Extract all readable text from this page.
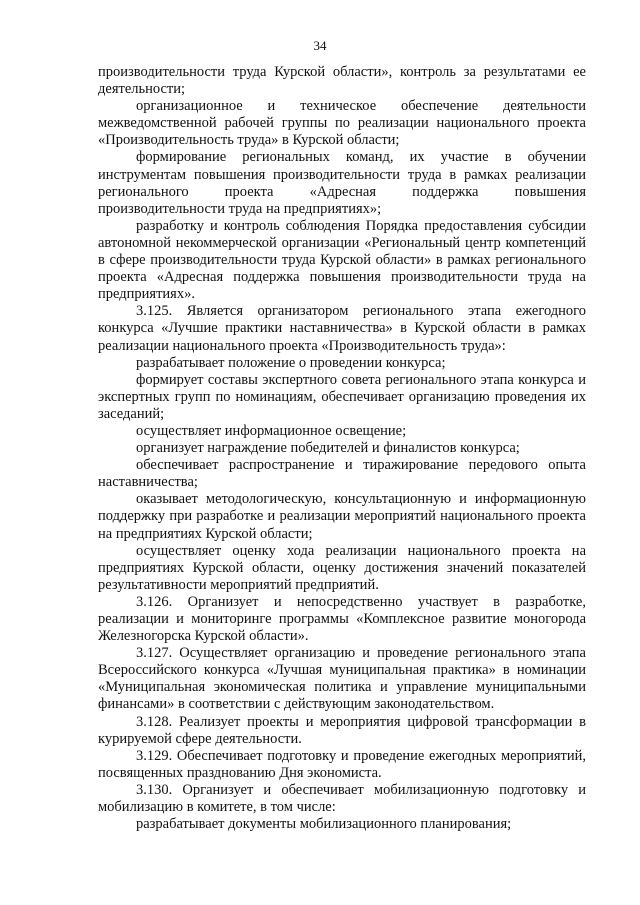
34

производительности труда Курской области», контроль за результатами ее деятельности;

организационное и техническое обеспечение деятельности межведомственной рабочей группы по реализации национального проекта «Производительность труда» в Курской области;

формирование региональных команд, их участие в обучении инструментам повышения производительности труда в рамках реализации регионального проекта «Адресная поддержка повышения производительности труда на предприятиях»;

разработку и контроль соблюдения Порядка предоставления субсидии автономной некоммерческой организации «Региональный центр компетенций в сфере производительности труда Курской области» в рамках регионального проекта «Адресная поддержка повышения производительности труда на предприятиях».

3.125. Является организатором регионального этапа ежегодного конкурса «Лучшие практики наставничества» в Курской области в рамках реализации национального проекта «Производительность труда»:

разрабатывает положение о проведении конкурса;

формирует составы экспертного совета регионального этапа конкурса и экспертных групп по номинациям, обеспечивает организацию проведения их заседаний;

осуществляет информационное освещение;

организует награждение победителей и финалистов конкурса;

обеспечивает распространение и тиражирование передового опыта наставничества;

оказывает методологическую, консультационную и информационную поддержку при разработке и реализации мероприятий национального проекта на предприятиях Курской области;

осуществляет оценку хода реализации национального проекта на предприятиях Курской области, оценку достижения значений показателей результативности мероприятий предприятий.

3.126. Организует и непосредственно участвует в разработке, реализации и мониторинге программы «Комплексное развитие моногорода Железногорска Курской области».

3.127. Осуществляет организацию и проведение регионального этапа Всероссийского конкурса «Лучшая муниципальная практика» в номинации «Муниципальная экономическая политика и управление муниципальными финансами» в соответствии с действующим законодательством.

3.128. Реализует проекты и мероприятия цифровой трансформации в курируемой сфере деятельности.

3.129. Обеспечивает подготовку и проведение ежегодных мероприятий, посвященных празднованию Дня экономиста.

3.130. Организует и обеспечивает мобилизационную подготовку и мобилизацию в комитете, в том числе:

разрабатывает документы мобилизационного планирования;
